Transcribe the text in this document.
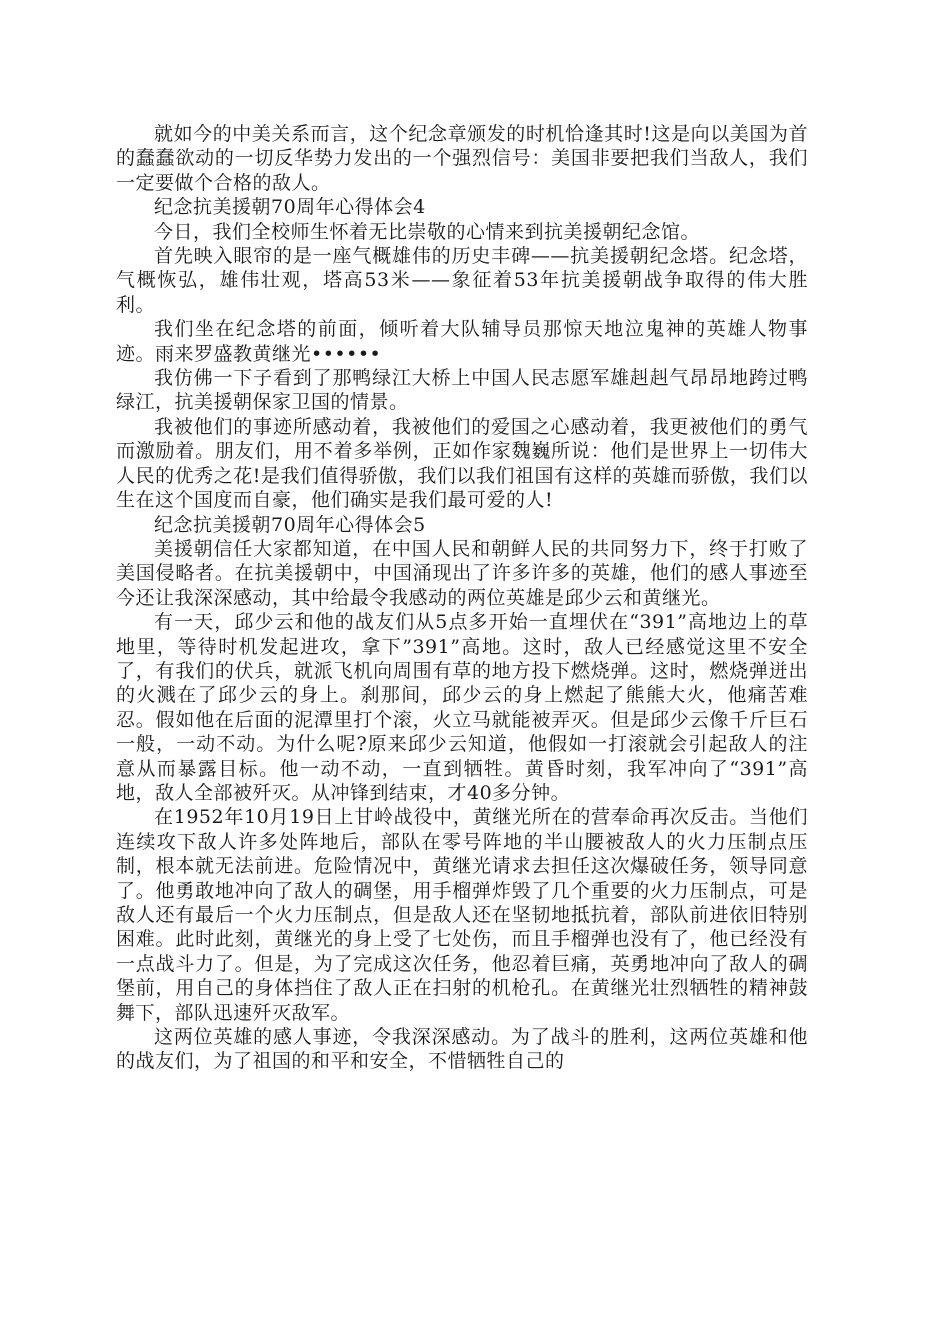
就如今的中美关系而言，这个纪念章颁发的时机恰逢其时!这是向以美国为首的蠢蠢欲动的一切反华势力发出的一个强烈信号：美国非要把我们当敌人，我们一定要做个合格的敌人。

纪念抗美援朝70周年心得体会4

今日，我们全校师生怀着无比崇敬的心情来到抗美援朝纪念馆。

首先映入眼帘的是一座气概雄伟的历史丰碑——抗美援朝纪念塔。纪念塔，气概恢弘，雄伟壮观，塔高53米——象征着53年抗美援朝战争取得的伟大胜利。

我们坐在纪念塔的前面，倾听着大队辅导员那惊天地泣鬼神的英雄人物事迹。雨来罗盛教黄继光••••••

我仿佛一下子看到了那鸭绿江大桥上中国人民志愿军雄赳赳气昂昂地跨过鸭绿江，抗美援朝保家卫国的情景。

我被他们的事迹所感动着，我被他们的爱国之心感动着，我更被他们的勇气而激励着。朋友们，用不着多举例，正如作家魏巍所说：他们是世界上一切伟大人民的优秀之花!是我们值得骄傲，我们以我们祖国有这样的英雄而骄傲，我们以生在这个国度而自豪，他们确实是我们最可爱的人!

纪念抗美援朝70周年心得体会5

美援朝信任大家都知道，在中国人民和朝鲜人民的共同努力下，终于打败了美国侵略者。在抗美援朝中，中国涌现出了许多许多的英雄，他们的感人事迹至今还让我深深感动，其中给最令我感动的两位英雄是邱少云和黄继光。

有一天，邱少云和他的战友们从5点多开始一直埋伏在“391”高地边上的草地里，等待时机发起进攻，拿下”391”高地。这时，敌人已经感觉这里不安全了，有我们的伏兵，就派飞机向周围有草的地方投下燃烧弹。这时，燃烧弹迸出的火溅在了邱少云的身上。刹那间，邱少云的身上燃起了熊熊大火，他痛苦难忍。假如他在后面的泥潭里打个滚，火立马就能被弄灭。但是邱少云像千斤巨石一般，一动不动。为什么呢?原来邱少云知道，他假如一打滚就会引起敌人的注意从而暴露目标。他一动不动，一直到牺牲。黄昏时刻，我军冲向了“391”高地，敌人全部被歼灭。从冲锋到结束，才40多分钟。

在1952年10月19日上甘岭战役中，黄继光所在的营奉命再次反击。当他们连续攻下敌人许多处阵地后，部队在零号阵地的半山腰被敌人的火力压制点压制，根本就无法前进。危险情况中，黄继光请求去担任这次爆破任务，领导同意了。他勇敢地冲向了敌人的碉堡，用手榴弹炸毁了几个重要的火力压制点，可是敌人还有最后一个火力压制点，但是敌人还在坚韧地抵抗着，部队前进依旧特别困难。此时此刻，黄继光的身上受了七处伤，而且手榴弹也没有了，他已经没有一点战斗力了。但是，为了完成这次任务，他忍着巨痛，英勇地冲向了敌人的碉堡前，用自己的身体挡住了敌人正在扫射的机枪孔。在黄继光壮烈牺牲的精神鼓舞下，部队迅速歼灭敌军。

这两位英雄的感人事迹，令我深深感动。为了战斗的胜利，这两位英雄和他的战友们，为了祖国的和平和安全，不惜牺牲自己的
